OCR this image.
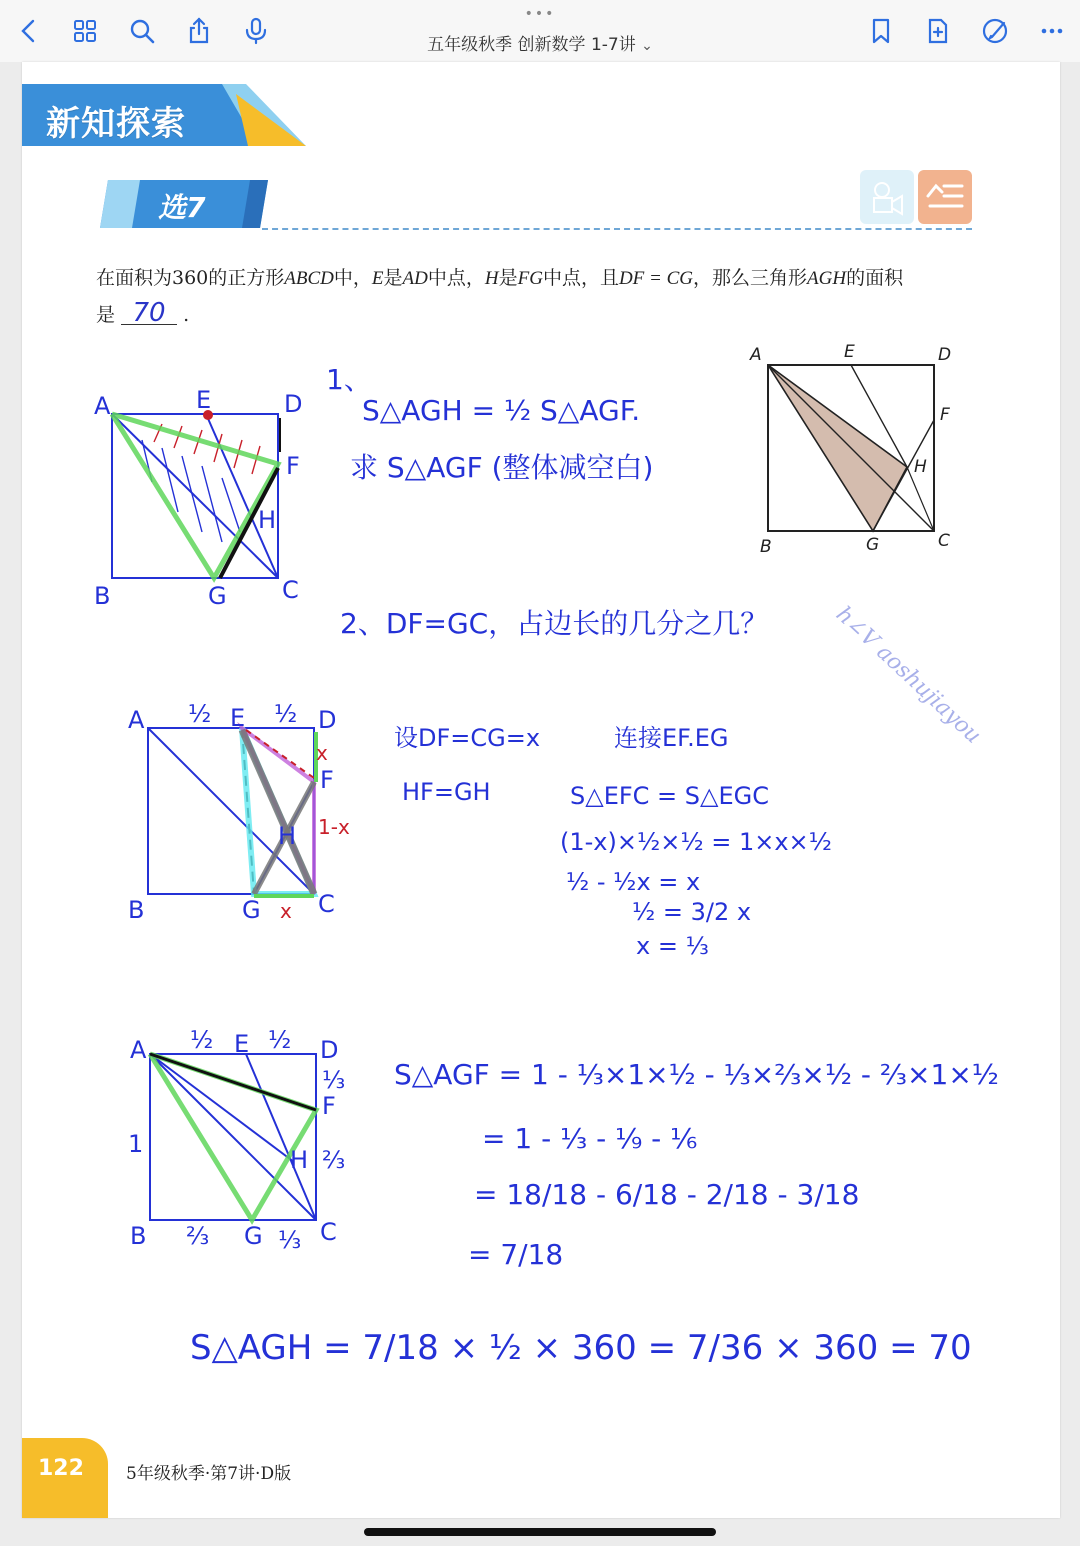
•••
五年级秋季 创新数学 1-7讲 ⌄
新知探索
选7
在面积为360的正方形ABCD中，E是AD中点，H是FG中点，且DF = CG，那么三角形AGH的面积
是 70 .
A	E	D
F
H
B	G	C
A	E	D
F
H
B	G C
1、
S△AGH = ½ S△AGF.
求 S△AGF (整体减空白)
2、DF=GC，占边长的几分之几？	h∠V aoshujiayou
A ½ E ½ D
F
H
B	G C
x
1-x
x
设DF=CG=x	连接EF.EG
HF=GH	S△EFC = S△EGC
(1-x)×½×½ = 1×x×½
½ - ½x = x
½ = 3/2 x
x = ⅓
A ½ E ½ D
⅓
F
H ⅔
1
B ⅔ G ⅓ C
S△AGF = 1 - ⅓×1×½ - ⅓×⅔×½ - ⅔×1×½
= 1 - ⅓ - ⅑ - ⅙
= 18/18 - 6/18 - 2/18 - 3/18
= 7/18
S△AGH = 7/18 × ½ × 360 = 7/36 × 360 = 70
122 5年级秋季·第7讲·D版
